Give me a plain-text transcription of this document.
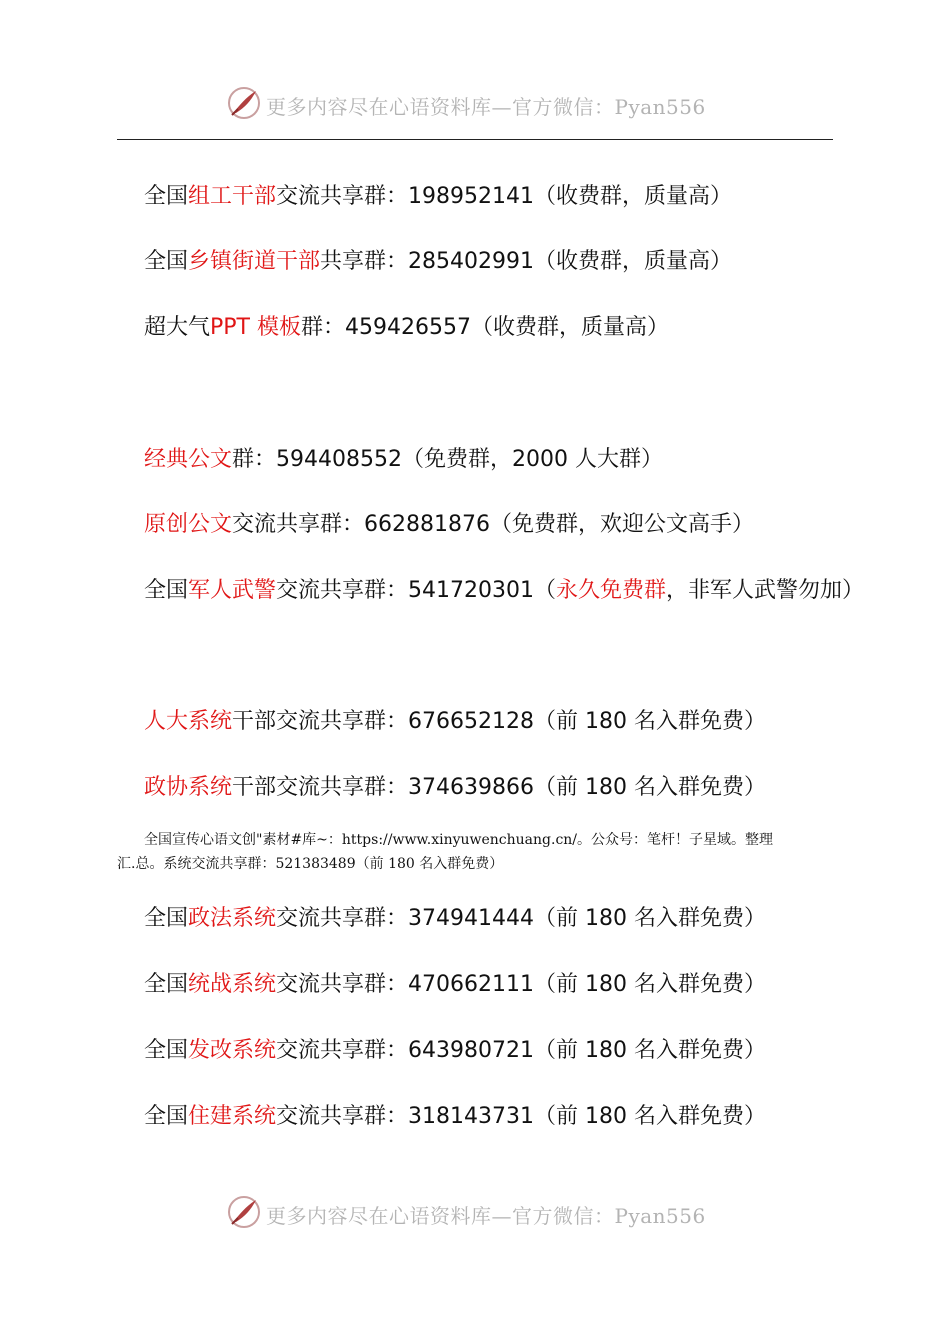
更多内容尽在心语资料库—官方微信：Pyan556
全国组工干部交流共享群：198952141（收费群，质量高）
全国乡镇街道干部共享群：285402991（收费群，质量高）
超大气PPT 模板群：459426557（收费群，质量高）
经典公文群：594408552（免费群，2000 人大群）
原创公文交流共享群：662881876（免费群，欢迎公文高手）
全国军人武警交流共享群：541720301（永久免费群，非军人武警勿加）
人大系统干部交流共享群：676652128（前 180 名入群免费）
政协系统干部交流共享群：374639866（前 180 名入群免费）
全国宣传心语文创"素材#库~：https://www.xinyuwenchuang.cn/。公众号：笔杆！子星域。整理
汇.总。系统交流共享群：521383489（前 180 名入群免费）
全国政法系统交流共享群：374941444（前 180 名入群免费）
全国统战系统交流共享群：470662111（前 180 名入群免费）
全国发改系统交流共享群：643980721（前 180 名入群免费）
全国住建系统交流共享群：318143731（前 180 名入群免费）
更多内容尽在心语资料库—官方微信：Pyan556
